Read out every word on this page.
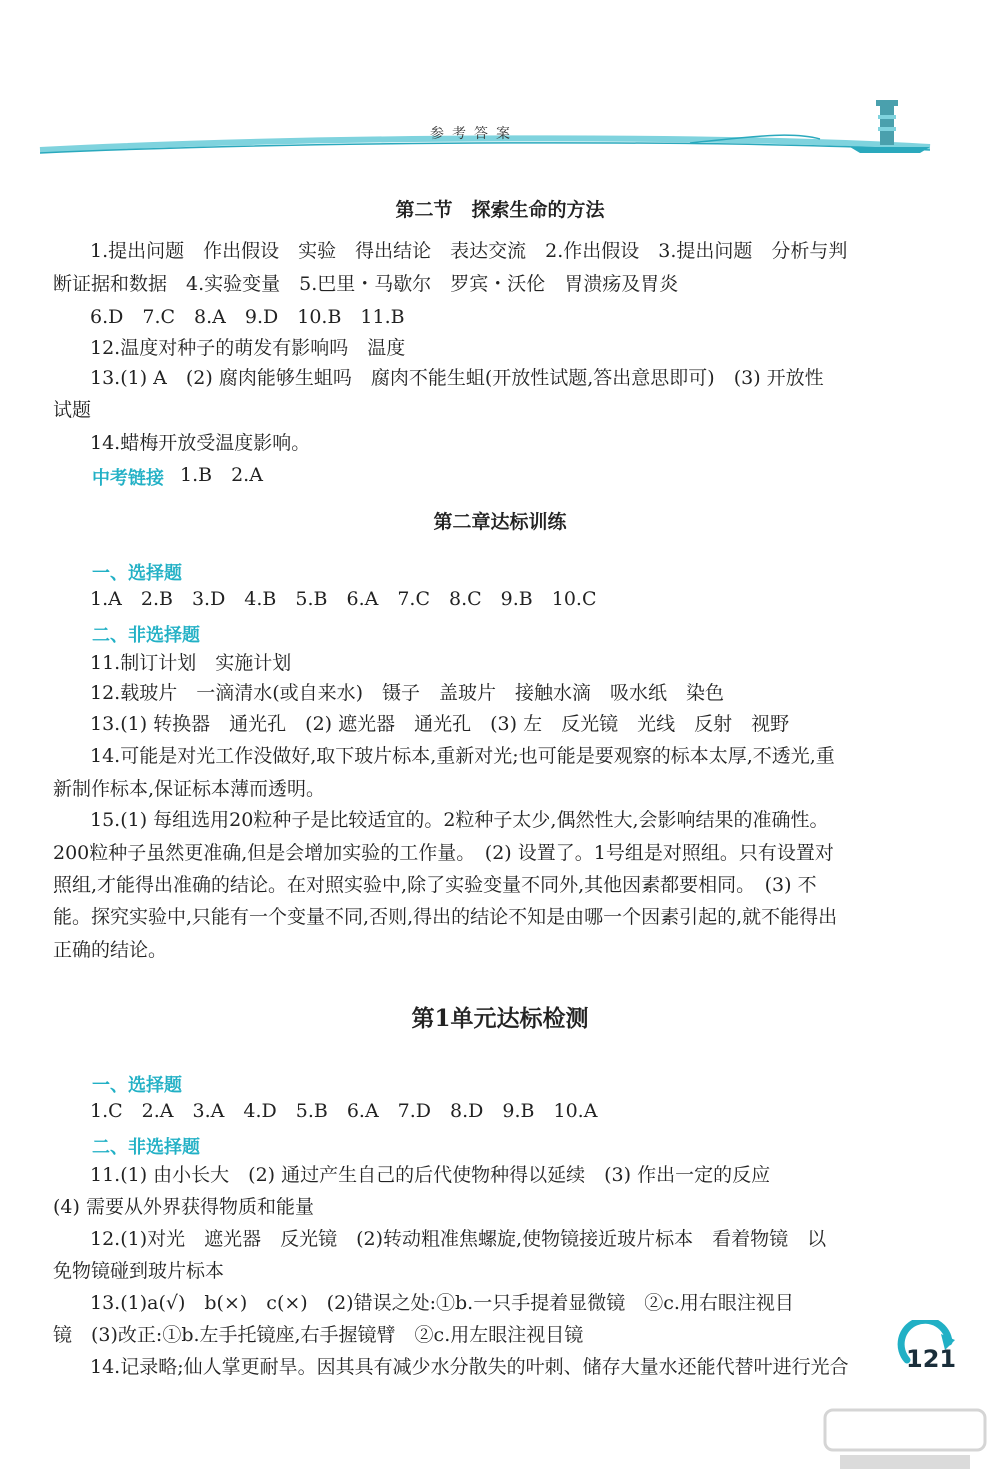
参考答案
第二节　探索生命的方法
1.提出问题　作出假设　实验　得出结论　表达交流　2.作出假设　3.提出问题　分析与判
断证据和数据　4.实验变量　5.巴里・马歇尔　罗宾・沃伦　胃溃疡及胃炎
6.D　7.C　8.A　9.D　10.B　11.B
12.温度对种子的萌发有影响吗　温度
13.(1) A　(2) 腐肉能够生蛆吗　腐肉不能生蛆(开放性试题,答出意思即可)　(3) 开放性
试题
14.蜡梅开放受温度影响。
中考链接 1.B　2.A
第二章达标训练
一、选择题
1.A　2.B　3.D　4.B　5.B　6.A　7.C　8.C　9.B　10.C
二、非选择题
11.制订计划　实施计划
12.载玻片　一滴清水(或自来水)　镊子　盖玻片　接触水滴　吸水纸　染色
13.(1) 转换器　通光孔　(2) 遮光器　通光孔　(3) 左　反光镜　光线　反射　视野
14.可能是对光工作没做好,取下玻片标本,重新对光;也可能是要观察的标本太厚,不透光,重
新制作标本,保证标本薄而透明。
15.(1) 每组选用20粒种子是比较适宜的。2粒种子太少,偶然性大,会影响结果的准确性。
200粒种子虽然更准确,但是会增加实验的工作量。　(2) 设置了。1号组是对照组。只有设置对
照组,才能得出准确的结论。在对照实验中,除了实验变量不同外,其他因素都要相同。　(3) 不
能。探究实验中,只能有一个变量不同,否则,得出的结论不知是由哪一个因素引起的,就不能得出
正确的结论。
第1单元达标检测
一、选择题
1.C　2.A　3.A　4.D　5.B　6.A　7.D　8.D　9.B　10.A
二、非选择题
11.(1) 由小长大　(2) 通过产生自己的后代使物种得以延续　(3) 作出一定的反应
(4) 需要从外界获得物质和能量
12.(1)对光　遮光器　反光镜　(2)转动粗准焦螺旋,使物镜接近玻片标本　看着物镜　以
免物镜碰到玻片标本
13.(1)a(√)　b(×)　c(×)　(2)错误之处:①b.一只手提着显微镜　②c.用右眼注视目
镜　(3)改正:①b.左手托镜座,右手握镜臂　②c.用左眼注视目镜
14.记录略;仙人掌更耐旱。因其具有减少水分散失的叶刺、储存大量水还能代替叶进行光合 121
